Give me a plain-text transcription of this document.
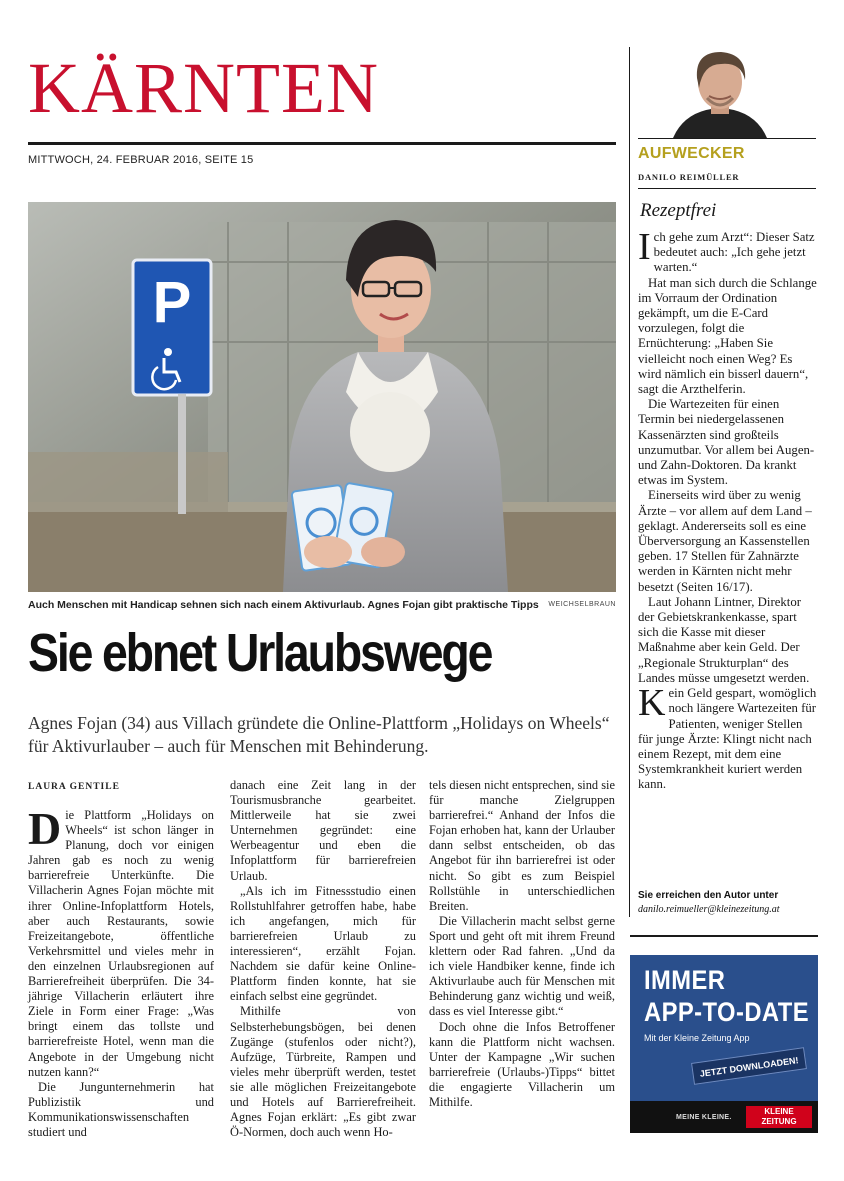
KÄRNTEN
MITTWOCH, 24. FEBRUAR 2016, SEITE 15
P
Auch Menschen mit Handicap sehnen sich nach einem Aktivurlaub. Agnes Fojan gibt praktische Tipps	WEICHSELBRAUN
Sie ebnet Urlaubswege
Agnes Fojan (34) aus Villach gründete die Online-Plattform „Holidays on Wheels“ für Aktivurlauber – auch für Menschen mit Behinderung.
LAURA GENTILE

Die Plattform „Holidays on Wheels“ ist schon länger in Planung, doch vor einigen Jahren gab es noch zu wenig barrierefreie Unterkünfte. Die Villacherin Agnes Fojan möchte mit ihrer Online-Infoplattform Hotels, aber auch Restaurants, sowie Freizeitangebote, öffentliche Verkehrsmittel und vieles mehr in den einzelnen Urlaubsregionen auf Barrierefreiheit überprüfen. Die 34-jährige Villacherin erläutert ihre Ziele in Form einer Frage: „Was bringt einem das tollste und barrierefreiste Hotel, wenn man die Angebote in der Umgebung nicht nutzen kann?“

Die Jungunternehmerin hat Publizistik und Kommunikationswissenschaften studiert und

danach eine Zeit lang in der Tourismusbranche gearbeitet. Mittlerweile hat sie zwei Unternehmen gegründet: eine Werbeagentur und eben die Infoplattform für barrierefreien Urlaub.

„Als ich im Fitnessstudio einen Rollstuhlfahrer getroffen habe, habe ich angefangen, mich für barrierefreien Urlaub zu interessieren“, erzählt Fojan. Nachdem sie dafür keine Online-Plattform finden konnte, hat sie einfach selbst eine gegründet.

Mithilfe von Selbsterhebungsbögen, bei denen Zugänge (stufenlos oder nicht?), Aufzüge, Türbreite, Rampen und vieles mehr überprüft werden, testet sie alle möglichen Freizeitangebote und Hotels auf Barrierefreiheit. Agnes Fojan erklärt: „Es gibt zwar Ö-Normen, doch auch wenn Ho-

tels diesen nicht entsprechen, sind sie für manche Zielgruppen barrierefrei.“ Anhand der Infos die Fojan erhoben hat, kann der Urlauber dann selbst entscheiden, ob das Angebot für ihn barrierefrei ist oder nicht. So gibt es zum Beispiel Rollstühle in unterschiedlichen Breiten.

Die Villacherin macht selbst gerne Sport und geht oft mit ihrem Freund klettern oder Rad fahren. „Und da ich viele Handbiker kenne, finde ich Aktivurlaube auch für Menschen mit Behinderung ganz wichtig und weiß, dass es viel Interesse gibt.“

Doch ohne die Infos Betroffener kann die Plattform nicht wachsen. Unter der Kampagne „Wir suchen barrierefreie (Urlaubs-)Tipps“ bittet die engagierte Villacherin um Mithilfe.

AUFWECKER
DANILO REIMÜLLER
Rezeptfrei

Ich gehe zum Arzt“: Dieser Satz bedeutet auch: „Ich gehe jetzt warten.“

Hat man sich durch die Schlange im Vorraum der Ordination gekämpft, um die E-Card vorzulegen, folgt die Ernüchterung: „Haben Sie vielleicht noch einen Weg? Es wird nämlich ein bisserl dauern“, sagt die Arzthelferin.

Die Wartezeiten für einen Termin bei niedergelassenen Kassenärzten sind großteils unzumutbar. Vor allem bei Augen- und Zahn-Doktoren. Da krankt etwas im System.

Einerseits wird über zu wenig Ärzte – vor allem auf dem Land – geklagt. Andererseits soll es eine Überversorgung an Kassenstellen geben. 17 Stellen für Zahnärzte werden in Kärnten nicht mehr besetzt (Seiten 16/17).

Laut Johann Lintner, Direktor der Gebietskrankenkasse, spart sich die Kasse mit dieser Maßnahme aber kein Geld. Der „Regionale Strukturplan“ des Landes müsse umgesetzt werden.

Kein Geld gespart, womöglich noch längere Wartezeiten für Patienten, weniger Stellen für junge Ärzte: Klingt nicht nach einem Rezept, mit dem eine Systemkrankheit kuriert werden kann.

Sie erreichen den Autor unter
danilo.reimueller@kleinezeitung.at
IMMER
APP-TO-DATE
Mit der Kleine Zeitung App
JETZT DOWNLOADEN!
MEINE KLEINE.
KLEINE
ZEITUNG
